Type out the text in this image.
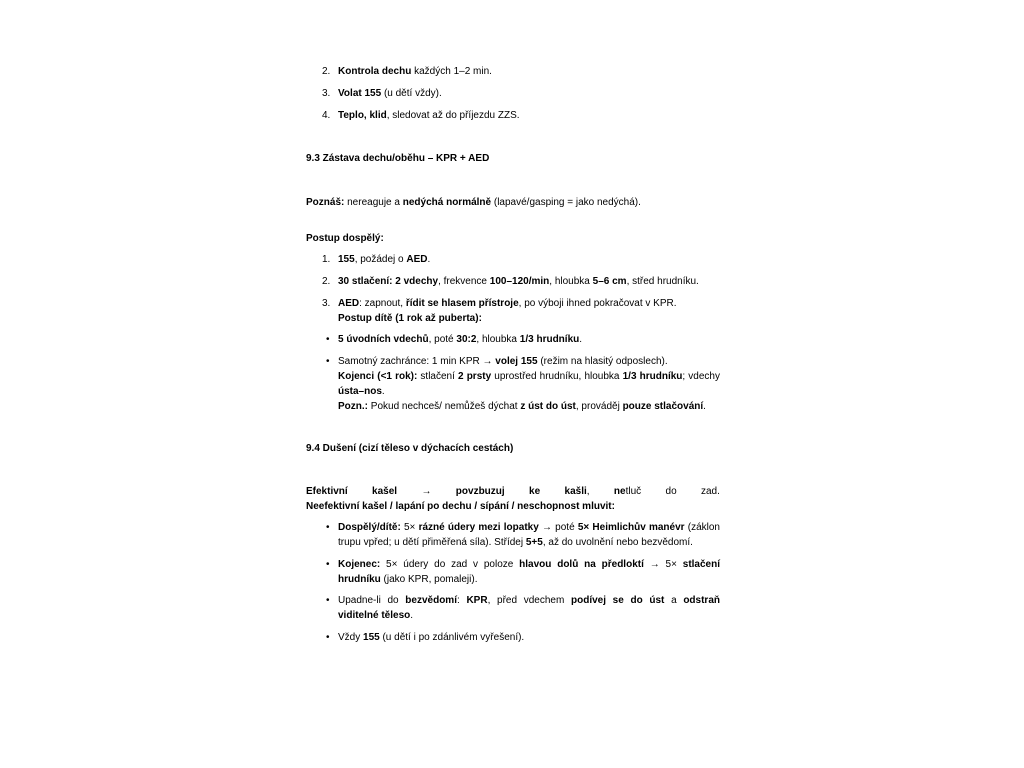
2. Kontrola dechu každých 1–2 min.
3. Volat 155 (u dětí vždy).
4. Teplo, klid, sledovat až do příjezdu ZZS.
9.3 Zástava dechu/oběhu – KPR + AED
Poznáš: nereaguje a nedýchá normálně (lapavé/gasping = jako nedýchá).
Postup dospělý:
1. 155, požádej o AED.
2. 30 stlačení: 2 vdechy, frekvence 100–120/min, hloubka 5–6 cm, střed hrudníku.
3. AED: zapnout, řídit se hlasem přístroje, po výboji ihned pokračovat v KPR.
Postup dítě (1 rok až puberta):
• 5 úvodních vdechů, poté 30:2, hloubka 1/3 hrudníku.
• Samotný zachránce: 1 min KPR → volej 155 (režim na hlasitý odposlech).
Kojenci (<1 rok): stlačení 2 prsty uprostřed hrudníku, hloubka 1/3 hrudníku; vdechy ústa–nos.
Pozn.: Pokud nechceš/ nemůžeš dýchat z úst do úst, prováděj pouze stlačování.
9.4 Dušení (cizí těleso v dýchacích cestách)
Efektivní kašel → povzbuzuj ke kašli, netluč do zad.
Neefektivní kašel / lapání po dechu / sípání / neschopnost mluvit:
• Dospělý/dítě: 5× rázné údery mezi lopatky → poté 5× Heimlichův manévr (záklon trupu vpřed; u dětí přiměřená síla). Střídej 5+5, až do uvolnění nebo bezvědomí.
• Kojenec: 5× údery do zad v poloze hlavou dolů na předloktí → 5× stlačení hrudníku (jako KPR, pomaleji).
• Upadne-li do bezvědomí: KPR, před vdechem podívej se do úst a odstraň viditelné těleso.
• Vždy 155 (u dětí i po zdánlivém vyřešení).
